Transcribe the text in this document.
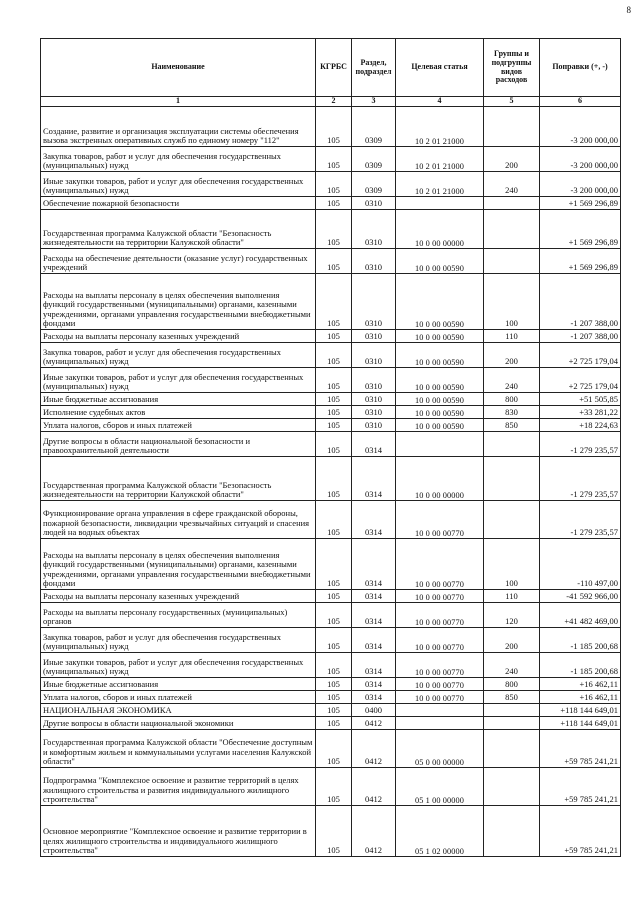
8
Наименование	КГРБС	Раздел, подраздел	Целевая статья	Группы и подгруппы видов расходов	Поправки (+, -)
1	2	3	4	5	6
Создание, развитие и организация эксплуатации системы обеспечения вызова экстренных оперативных служб по единому номеру "112"	105	0309	10 2 01 21000		-3 200 000,00
Закупка товаров, работ и услуг для обеспечения государственных (муниципальных) нужд	105	0309	10 2 01 21000	200	-3 200 000,00
Иные закупки товаров, работ и услуг для обеспечения государственных (муниципальных) нужд	105	0309	10 2 01 21000	240	-3 200 000,00
Обеспечение пожарной безопасности	105	0310			+1 569 296,89
Государственная программа Калужской области "Безопасность жизнедеятельности на территории Калужской области"	105	0310	10 0 00 00000		+1 569 296,89
Расходы на обеспечение деятельности (оказание услуг) государственных учреждений	105	0310	10 0 00 00590		+1 569 296,89
Расходы на выплаты персоналу в целях обеспечения выполнения функций государственными (муниципальными) органами, казенными учреждениями, органами управления государственными внебюджетными фондами	105	0310	10 0 00 00590	100	-1 207 388,00
Расходы на выплаты персоналу казенных учреждений	105	0310	10 0 00 00590	110	-1 207 388,00
Закупка товаров, работ и услуг для обеспечения государственных (муниципальных) нужд	105	0310	10 0 00 00590	200	+2 725 179,04
Иные закупки товаров, работ и услуг для обеспечения государственных (муниципальных) нужд	105	0310	10 0 00 00590	240	+2 725 179,04
Иные бюджетные ассигнования	105	0310	10 0 00 00590	800	+51 505,85
Исполнение судебных актов	105	0310	10 0 00 00590	830	+33 281,22
Уплата налогов, сборов и иных платежей	105	0310	10 0 00 00590	850	+18 224,63
Другие вопросы в области национальной безопасности и правоохранительной деятельности	105	0314			-1 279 235,57
Государственная программа Калужской области "Безопасность жизнедеятельности на территории Калужской области"	105	0314	10 0 00 00000		-1 279 235,57
Функционирование органа управления в сфере гражданской обороны, пожарной безопасности, ликвидации чрезвычайных ситуаций и спасения людей на водных объектах	105	0314	10 0 00 00770		-1 279 235,57
Расходы на выплаты персоналу в целях обеспечения выполнения функций государственными (муниципальными) органами, казенными учреждениями, органами управления государственными внебюджетными фондами	105	0314	10 0 00 00770	100	-110 497,00
Расходы на выплаты персоналу казенных учреждений	105	0314	10 0 00 00770	110	-41 592 966,00
Расходы на выплаты персоналу государственных (муниципальных) органов	105	0314	10 0 00 00770	120	+41 482 469,00
Закупка товаров, работ и услуг для обеспечения государственных (муниципальных) нужд	105	0314	10 0 00 00770	200	-1 185 200,68
Иные закупки товаров, работ и услуг для обеспечения государственных (муниципальных) нужд	105	0314	10 0 00 00770	240	-1 185 200,68
Иные бюджетные ассигнования	105	0314	10 0 00 00770	800	+16 462,11
Уплата налогов, сборов и иных платежей	105	0314	10 0 00 00770	850	+16 462,11
НАЦИОНАЛЬНАЯ ЭКОНОМИКА	105	0400			+118 144 649,01
Другие вопросы в области национальной экономики	105	0412			+118 144 649,01
Государственная программа Калужской области "Обеспечение доступным и комфортным жильем и коммунальными услугами населения Калужской области"	105	0412	05 0 00 00000		+59 785 241,21
Подпрограмма "Комплексное освоение и развитие территорий в целях жилищного строительства и развития индивидуального жилищного строительства"	105	0412	05 1 00 00000		+59 785 241,21
Основное мероприятие "Комплексное освоение и развитие территории в целях жилищного строительства и индивидуального жилищного строительства"	105	0412	05 1 02 00000		+59 785 241,21
